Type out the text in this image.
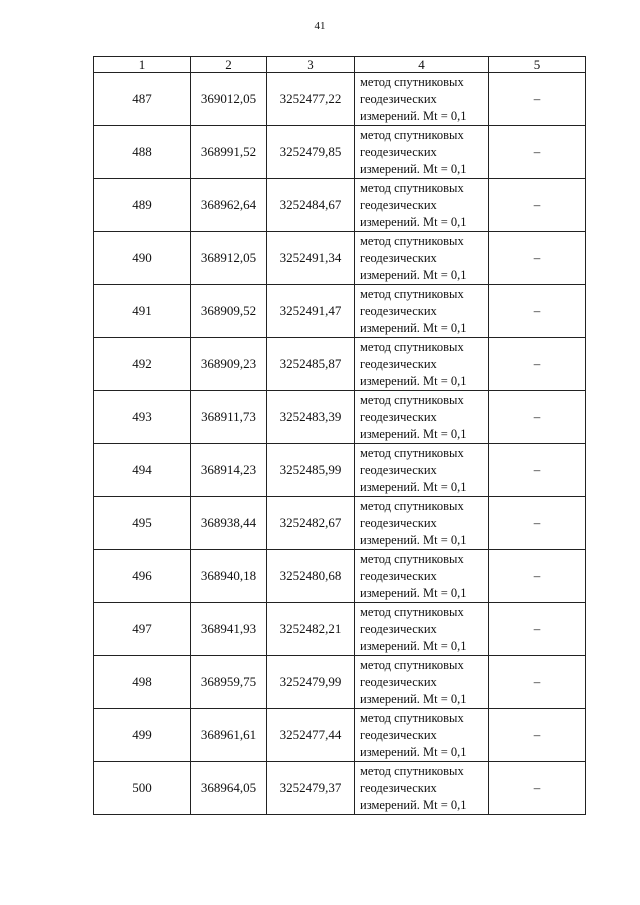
41
1	2	3	4	5
487	369012,05	3252477,22	метод спутниковых
геодезических
измерений. Mt = 0,1	–
488	368991,52	3252479,85	метод спутниковых
геодезических
измерений. Mt = 0,1	–
489	368962,64	3252484,67	метод спутниковых
геодезических
измерений. Mt = 0,1	–
490	368912,05	3252491,34	метод спутниковых
геодезических
измерений. Mt = 0,1	–
491	368909,52	3252491,47	метод спутниковых
геодезических
измерений. Mt = 0,1	–
492	368909,23	3252485,87	метод спутниковых
геодезических
измерений. Mt = 0,1	–
493	368911,73	3252483,39	метод спутниковых
геодезических
измерений. Mt = 0,1	–
494	368914,23	3252485,99	метод спутниковых
геодезических
измерений. Mt = 0,1	–
495	368938,44	3252482,67	метод спутниковых
геодезических
измерений. Mt = 0,1	–
496	368940,18	3252480,68	метод спутниковых
геодезических
измерений. Mt = 0,1	–
497	368941,93	3252482,21	метод спутниковых
геодезических
измерений. Mt = 0,1	–
498	368959,75	3252479,99	метод спутниковых
геодезических
измерений. Mt = 0,1	–
499	368961,61	3252477,44	метод спутниковых
геодезических
измерений. Mt = 0,1	–
500	368964,05	3252479,37	метод спутниковых
геодезических
измерений. Mt = 0,1	–
